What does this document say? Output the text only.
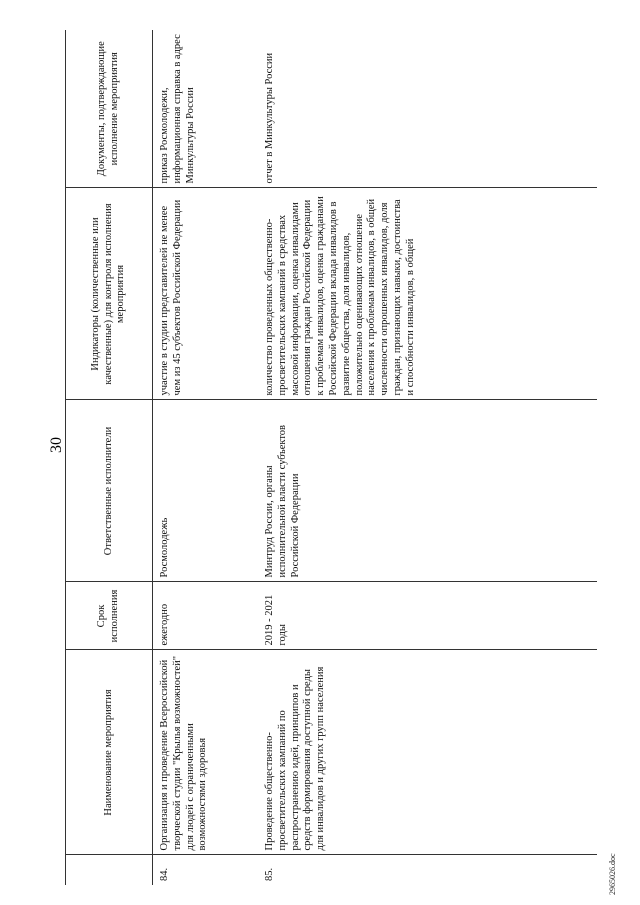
30
	Наименование мероприятия	Срок исполнения	Ответственные исполнители	Индикаторы (количественные или качественные) для контроля исполнения мероприятия	Документы, подтверждающие исполнение мероприятия
84.	Организация и проведение Всероссийской творческой студии "Крылья возможностей" для людей с ограниченными возможностями здоровья	ежегодно	Росмолодежь	участие в студии представителей не менее чем из 45 субъектов Российской Федерации	приказ Росмолодежи, информационная справка в адрес Минкультуры России
85.	Проведение общественно-просветительских кампаний по распространению идей, принципов и средств формирования доступной среды для инвалидов и других групп населения	2019 - 2021 годы	Минтруд России, органы исполнительной власти субъектов Российской Федерации	количество проведенных общественно-просветительских кампаний в средствах массовой информации, оценка инвалидами отношения граждан Российской Федерации к проблемам инвалидов, оценка гражданами Российской Федерации вклада инвалидов в развитие общества, доля инвалидов, положительно оценивающих отношение населения к проблемам инвалидов, в общей численности опрошенных инвалидов, доля граждан, признающих навыки, достоинства и способности инвалидов, в общей	отчет в Минкультуры России
2965026.doc
